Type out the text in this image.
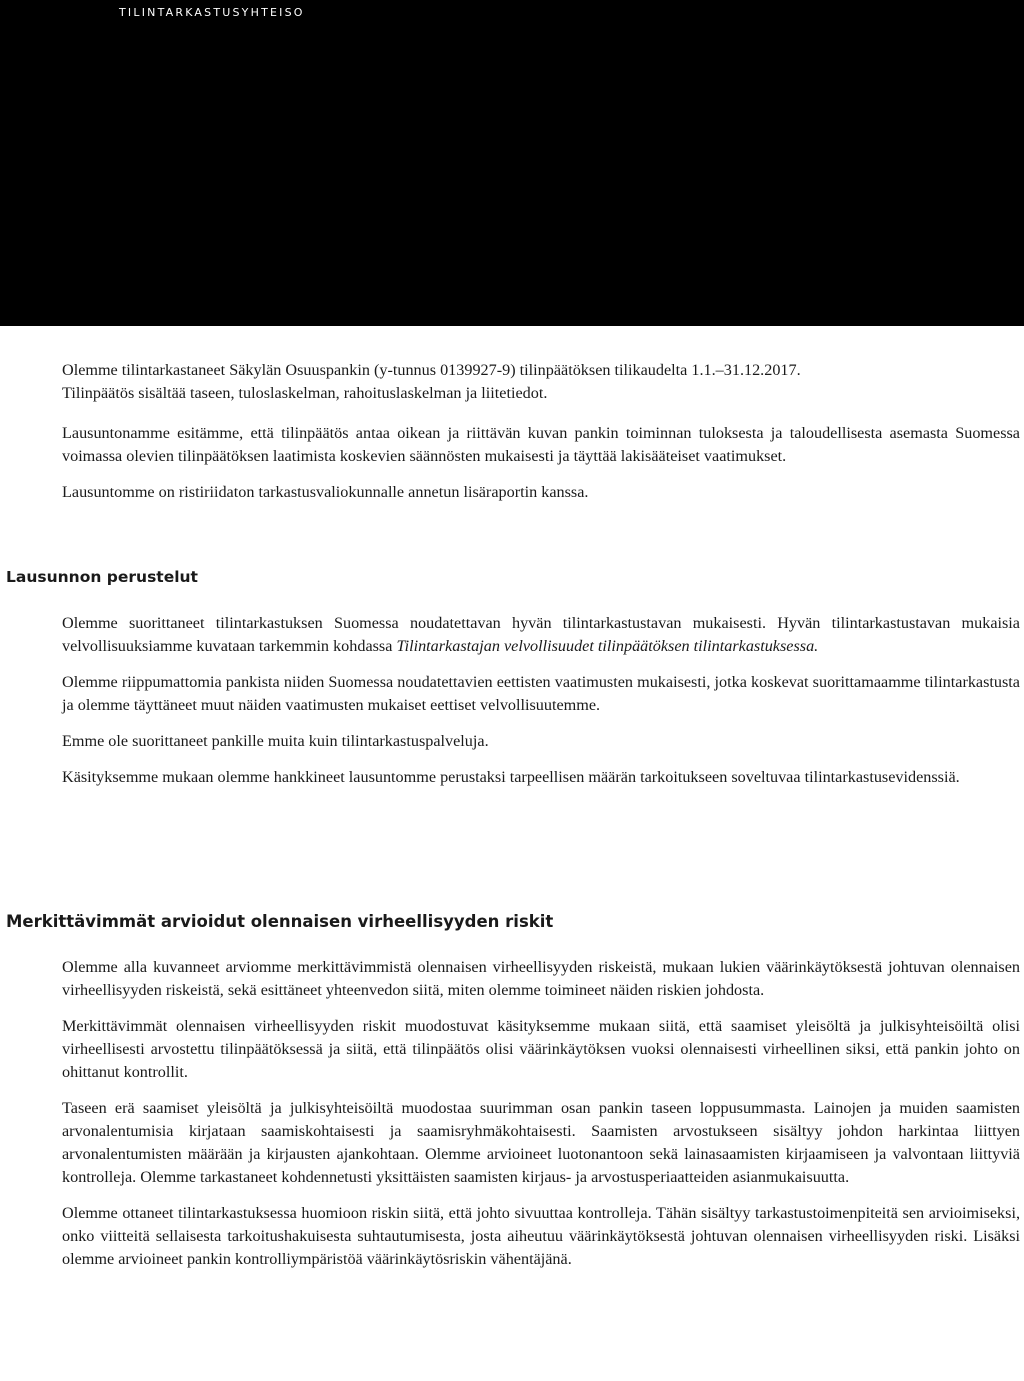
TILINTARKASTUSYHTEISO

Olemme tilintarkastaneet Säkylän Osuuspankin (y-tunnus 0139927-9) tilinpäätöksen tilikaudelta 1.1.–31.12.2017.
Tilinpäätös sisältää taseen, tuloslaskelman, rahoituslaskelman ja liitetiedot.

Lausuntonamme esitämme, että tilinpäätös antaa oikean ja riittävän kuvan pankin toiminnan tuloksesta ja taloudellisesta asemasta Suomessa voimassa olevien tilinpäätöksen laatimista koskevien säännösten mukaisesti ja täyttää lakisääteiset vaatimukset.

Lausuntomme on ristiriidaton tarkastusvaliokunnalle annetun lisäraportin kanssa.

Lausunnon perustelut

Olemme suorittaneet tilintarkastuksen Suomessa noudatettavan hyvän tilintarkastustavan mukaisesti. Hyvän tilintarkastustavan mukaisia velvollisuuksiamme kuvataan tarkemmin kohdassa Tilintarkastajan velvollisuudet tilinpäätöksen tilintarkastuksessa.

Olemme riippumattomia pankista niiden Suomessa noudatettavien eettisten vaatimusten mukaisesti, jotka koskevat suorittamaamme tilintarkastusta ja olemme täyttäneet muut näiden vaatimusten mukaiset eettiset velvollisuutemme.

Emme ole suorittaneet pankille muita kuin tilintarkastuspalveluja.

Käsityksemme mukaan olemme hankkineet lausuntomme perustaksi tarpeellisen määrän tarkoitukseen soveltuvaa tilintarkastusevidenssiä.

Merkittävimmät arvioidut olennaisen virheellisyyden riskit

Olemme alla kuvanneet arviomme merkittävimmistä olennaisen virheellisyyden riskeistä, mukaan lukien väärinkäytöksestä johtuvan olennaisen virheellisyyden riskeistä, sekä esittäneet yhteenvedon siitä, miten olemme toimineet näiden riskien johdosta.

Merkittävimmät olennaisen virheellisyyden riskit muodostuvat käsityksemme mukaan siitä, että saamiset yleisöltä ja julkisyhteisöiltä olisi virheellisesti arvostettu tilinpäätöksessä ja siitä, että tilinpäätös olisi väärinkäytöksen vuoksi olennaisesti virheellinen siksi, että pankin johto on ohittanut kontrollit.

Taseen erä saamiset yleisöltä ja julkisyhteisöiltä muodostaa suurimman osan pankin taseen loppusummasta. Lainojen ja muiden saamisten arvonalentumisia kirjataan saamiskohtaisesti ja saamisryhmäkohtaisesti. Saamisten arvostukseen sisältyy johdon harkintaa liittyen arvonalentumisten määrään ja kirjausten ajankohtaan. Olemme arvioineet luotonantoon sekä lainasaamisten kirjaamiseen ja valvontaan liittyviä kontrolleja. Olemme tarkastaneet kohdennetusti yksittäisten saamisten kirjaus- ja arvostusperiaatteiden asianmukaisuutta.

Olemme ottaneet tilintarkastuksessa huomioon riskin siitä, että johto sivuuttaa kontrolleja. Tähän sisältyy tarkastustoimenpiteitä sen arvioimiseksi, onko viitteitä sellaisesta tarkoitushakuisesta suhtautumisesta, josta aiheutuu väärinkäytöksestä johtuvan olennaisen virheellisyyden riski. Lisäksi olemme arvioineet pankin kontrolliympäristöä väärinkäytösriskin vähentäjänä.
